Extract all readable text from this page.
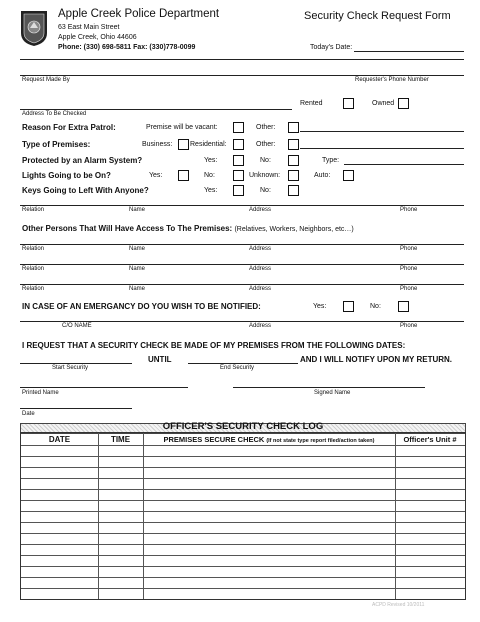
Apple Creek Police Department
63 East Main Street
Apple Creek, Ohio 44606
Phone: (330) 698-5811 Fax: (330)778-0099
Security Check Request Form
Today's Date:
Request Made By	Requester's Phone Number
Rented	Owned
Address To Be Checked
Reason For Extra Patrol:	Premise will be vacant:	Other:
Type of Premises:	Business:	Residential:	Other:
Protected by an Alarm System?	Yes:	No:	Type:
Lights Going to be On?	Yes:	No:	Unknown:	Auto:
Keys Going to Left With Anyone?	Yes:	No:
Relation	Name	Address	Phone
Other Persons That Will Have Access To The Premises: (Relatives, Workers, Neighbors, etc…)
Relation	Name	Address	Phone
Relation	Name	Address	Phone
Relation	Name	Address	Phone
IN CASE OF AN EMERGANCY DO YOU WISH TO BE NOTIFIED:	Yes:	No:
C/O NAME	Address	Phone
I REQUEST THAT A SECURITY CHECK BE MADE OF MY PREMISES FROM THE FOLLOWING DATES:
UNTIL	AND I WILL NOTIFY UPON MY RETURN.
Start Security	End Security
Printed Name	Signed Name
Date
OFFICER'S SECURITY CHECK LOG
DATE	TIME	PREMISES SECURE CHECK (If not state type report filed/action taken)	Officer's Unit #
ACPD Revised 10/2011
